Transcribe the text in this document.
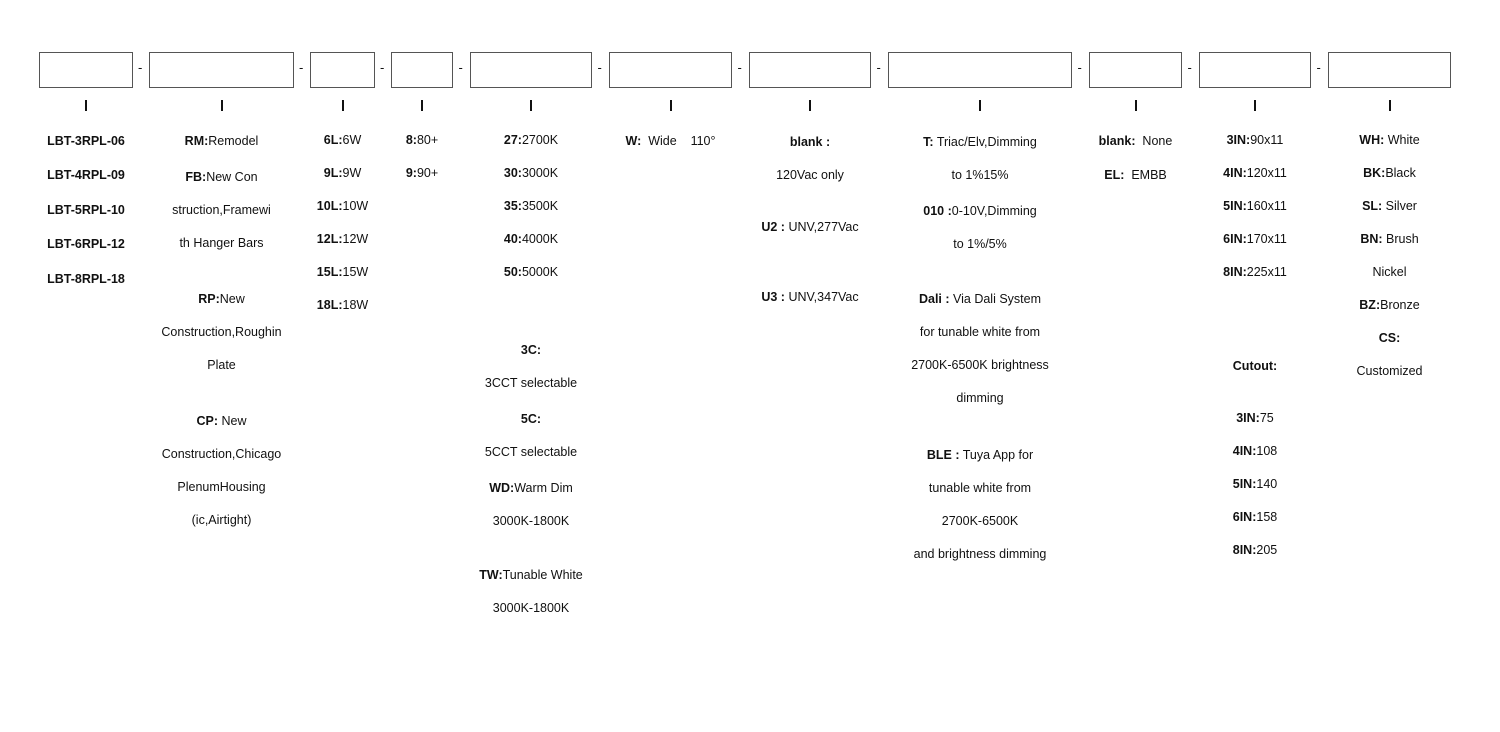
-
LBT-3RPL-06
LBT-4RPL-09
LBT-5RPL-10
LBT-6RPL-12
LBT-8RPL-18
-
RM:Remodel
FB:New Con
struction,Framewi
th Hanger Bars
RP:New
Construction,Roughin
Plate
CP: New
Construction,Chicago
PlenumHousing
(ic,Airtight)
-
6L:6W
9L:9W
10L:10W
12L:12W
15L:15W
18L:18W
-
8:80+
9:90+
-
27:2700K
30:3000K
35:3500K
40:4000K
50:5000K
3C:
3CCT selectable
5C:
5CCT selectable
WD:Warm Dim
3000K-1800K
TW:Tunable White
3000K-1800K
-
W:  Wide    110°
-
blank :
120Vac only
U2 : UNV,277Vac
U3 : UNV,347Vac
-
T: Triac/Elv,Dimming
to 1%15%
010 :0-10V,Dimming
to 1%/5%
Dali : Via Dali System
for tunable white from
2700K-6500K brightness
dimming
BLE : Tuya App for
tunable white from
2700K-6500K
and brightness dimming
-
blank:  None
EL:  EMBB
-
3IN:90x11
4IN:120x11
5IN:160x11
6IN:170x11
8IN:225x11
Cutout:
3IN:75
4IN:108
5IN:140
6IN:158
8IN:205
WH: White
BK:Black
SL: Silver
BN: Brush
Nickel
BZ:Bronze
CS:
Customized
